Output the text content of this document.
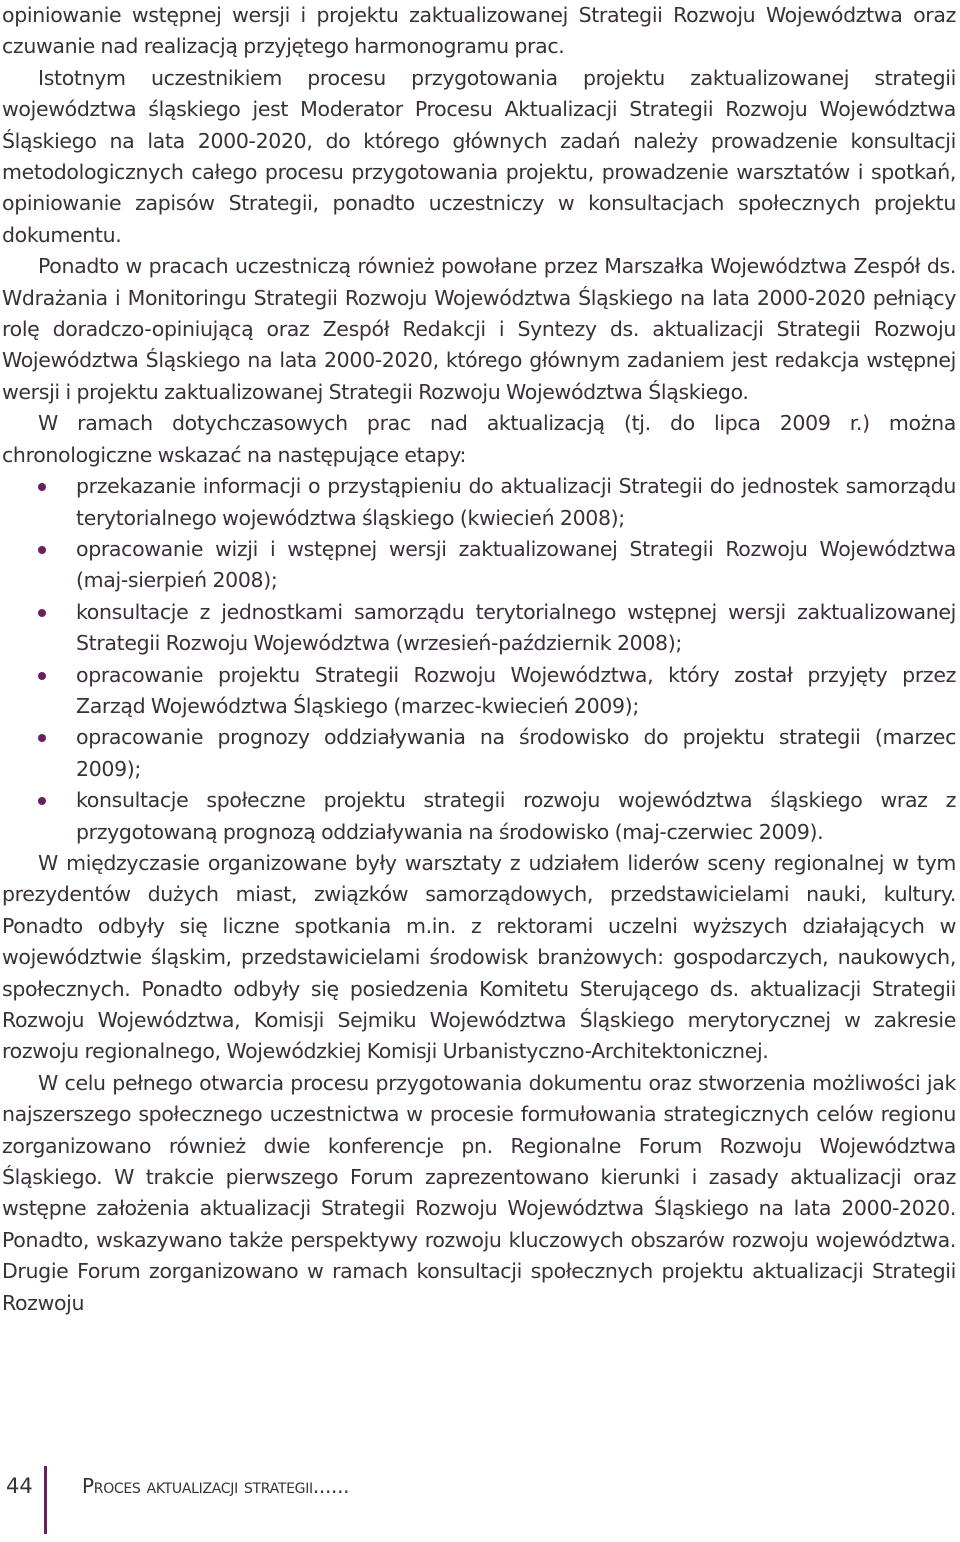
opiniowanie wstępnej wersji i projektu zaktualizowanej Strategii Rozwoju Województwa oraz czuwanie nad realizacją przyjętego harmonogramu prac.

Istotnym uczestnikiem procesu przygotowania projektu zaktualizowanej strategii województwa śląskiego jest Moderator Procesu Aktualizacji Strategii Rozwoju Województwa Śląskiego na lata 2000-2020, do którego głównych zadań należy prowadzenie konsultacji metodologicznych całego procesu przygotowania projektu, prowadzenie warsztatów i spotkań, opiniowanie zapisów Strategii, ponadto uczestniczy w konsultacjach społecznych projektu dokumentu.

Ponadto w pracach uczestniczą również powołane przez Marszałka Województwa Zespół ds. Wdrażania i Monitoringu Strategii Rozwoju Województwa Śląskiego na lata 2000-2020 pełniący rolę doradczo-opiniującą oraz Zespół Redakcji i Syntezy ds. aktualizacji Strategii Rozwoju Województwa Śląskiego na lata 2000-2020, którego głównym zadaniem jest redakcja wstępnej wersji i projektu zaktualizowanej Strategii Rozwoju Województwa Śląskiego.

W ramach dotychczasowych prac nad aktualizacją (tj. do lipca 2009 r.) można chronologiczne wskazać na następujące etapy:

przekazanie informacji o przystąpieniu do aktualizacji Strategii do jednostek samorządu terytorialnego województwa śląskiego (kwiecień 2008);
opracowanie wizji i wstępnej wersji zaktualizowanej Strategii Rozwoju Województwa (maj-sierpień 2008);
konsultacje z jednostkami samorządu terytorialnego wstępnej wersji zaktualizowanej Strategii Rozwoju Województwa (wrzesień-październik 2008);
opracowanie projektu Strategii Rozwoju Województwa, który został przyjęty przez Zarząd Województwa Śląskiego (marzec-kwiecień 2009);
opracowanie prognozy oddziaływania na środowisko do projektu strategii (marzec 2009);
konsultacje społeczne projektu strategii rozwoju województwa śląskiego wraz z przygotowaną prognozą oddziaływania na środowisko (maj-czerwiec 2009).

W międzyczasie organizowane były warsztaty z udziałem liderów sceny regionalnej w tym prezydentów dużych miast, związków samorządowych, przedstawicielami nauki, kultury. Ponadto odbyły się liczne spotkania m.in. z rektorami uczelni wyższych działających w województwie śląskim, przedstawicielami środowisk branżowych: gospodarczych, naukowych, społecznych. Ponadto odbyły się posiedzenia Komitetu Sterującego ds. aktualizacji Strategii Rozwoju Województwa, Komisji Sejmiku Województwa Śląskiego merytorycznej w zakresie rozwoju regionalnego, Wojewódzkiej Komisji Urbanistyczno-Architektonicznej.

W celu pełnego otwarcia procesu przygotowania dokumentu oraz stworzenia możliwości jak najszerszego społecznego uczestnictwa w procesie formułowania strategicznych celów regionu zorganizowano również dwie konferencje pn. Regionalne Forum Rozwoju Województwa Śląskiego. W trakcie pierwszego Forum zaprezentowano kierunki i zasady aktualizacji oraz wstępne założenia aktualizacji Strategii Rozwoju Województwa Śląskiego na lata 2000-2020. Ponadto, wskazywano także perspektywy rozwoju kluczowych obszarów rozwoju województwa. Drugie Forum zorganizowano w ramach konsultacji społecznych projektu aktualizacji Strategii Rozwoju

44 Proces aktualizacji strategii......
